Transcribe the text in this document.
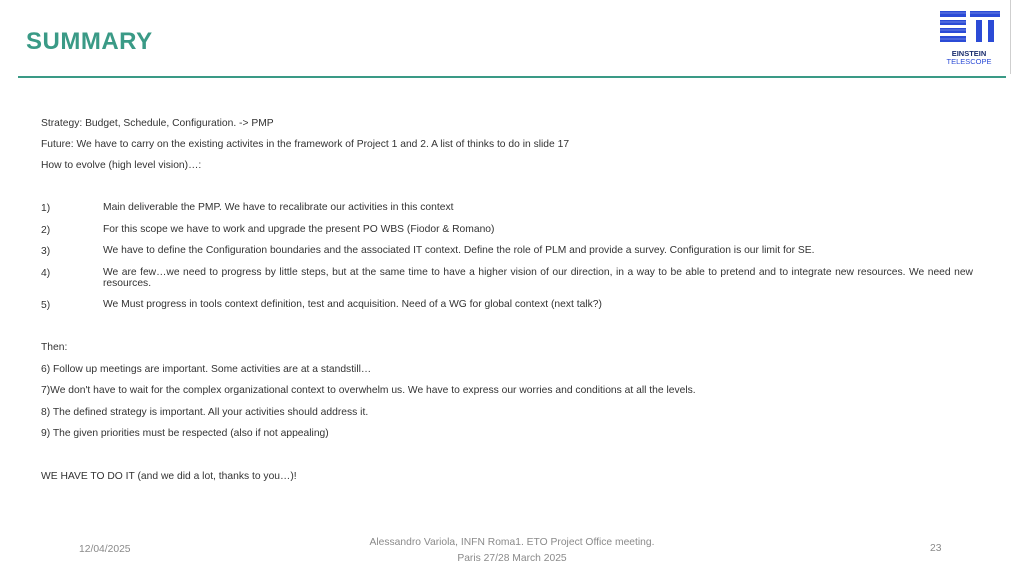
SUMMARY	EINSTEIN
TELESCOPE

Strategy: Budget, Schedule, Configuration. -> PMP

Future: We have to carry on the existing activites in the framework of Project 1 and 2. A list of thinks to do in slide 17

How to evolve (high level vision)…:

1)	Main deliverable the PMP. We have to recalibrate our activities in this context
2)	For this scope we have to work and upgrade the present PO WBS (Fiodor & Romano)
3)	We have to define the Configuration boundaries and the associated IT context. Define the role of PLM and provide a survey. Configuration is our limit for SE.
4)	We are few…we need to progress by little steps, but at the same time to have a higher vision of our direction, in a way to be able to pretend and to integrate new resources. We need new resources.
5)	We Must progress in tools context definition, test and acquisition. Need of a WG for global context (next talk?)

Then:

6) Follow up meetings are important. Some activities are at a standstill…

7)We don't have to wait for the complex organizational context to overwhelm us. We have to express our worries and conditions at all the levels.

8) The defined strategy is important. All your activities should address it.

9) The given priorities must be respected (also if not appealing)

WE HAVE TO DO IT (and we did a lot, thanks to you…)!

12/04/2025
Alessandro Variola, INFN Roma1. ETO Project Office meeting.
Paris 27/28 March 2025
23
